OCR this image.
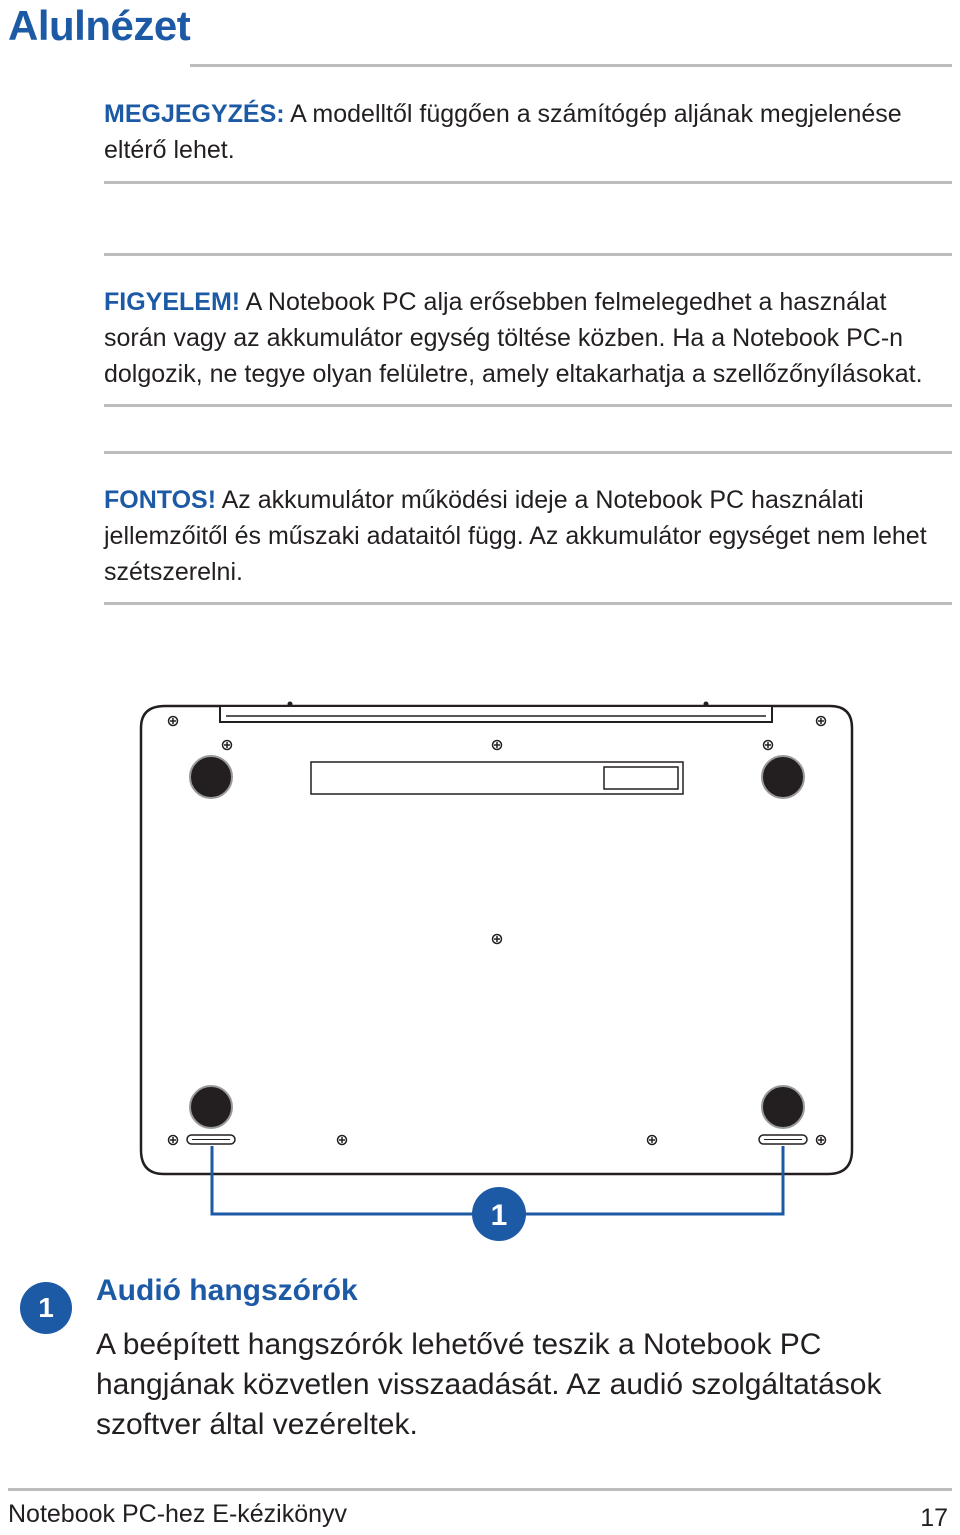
Alulnézet

MEGJEGYZÉS: A modelltől függően a számítógép aljának megjelenése eltérő lehet.

FIGYELEM! A Notebook PC alja erősebben felmelegedhet a használat során vagy az akkumulátor egység töltése közben. Ha a Notebook PC-n dolgozik, ne tegye olyan felületre, amely eltakarhatja a szellőzőnyílásokat.

FONTOS! Az akkumulátor működési ideje a Notebook PC használati jellemzőitől és műszaki adataitól függ. Az akkumulátor egységet nem lehet szétszerelni.

1
1
Audió hangszórók

A beépített hangszórók lehetővé teszik a Notebook PC hangjának közvetlen visszaadását. Az audió szolgáltatások szoftver által vezéreltek.

Notebook PC-hez E-kézikönyv	17
